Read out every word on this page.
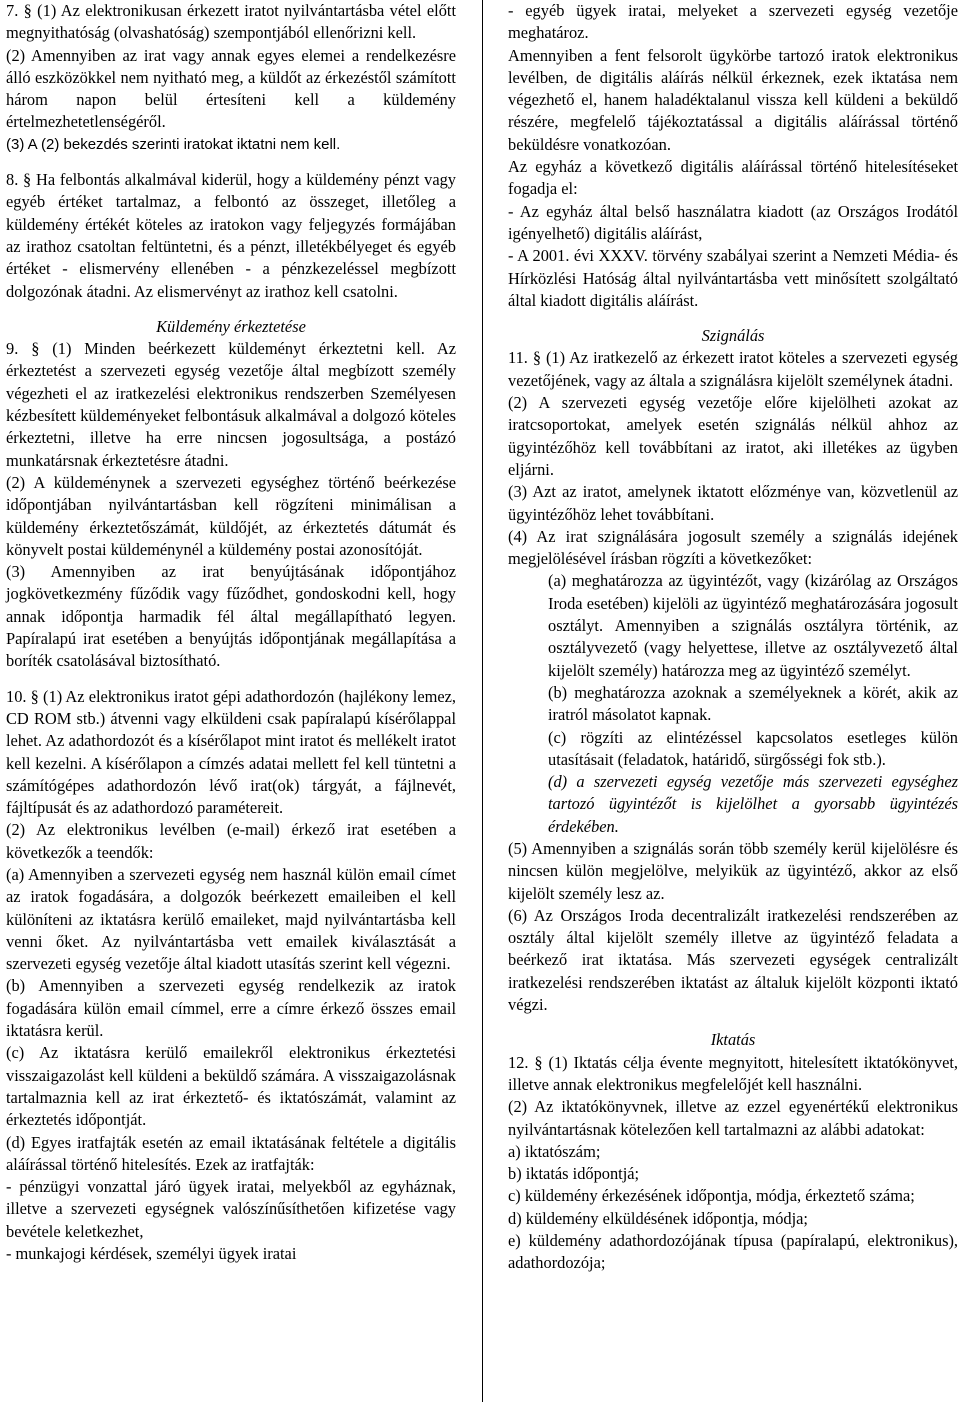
7. § (1) Az elektronikusan érkezett iratot nyilvántartásba vétel előtt megnyithatóság (olvashatóság) szempontjából ellenőrizni kell.

(2) Amennyiben az irat vagy annak egyes elemei a rendelkezésre álló eszközökkel nem nyitható meg, a küldőt az érkezéstől számított három napon belül értesíteni kell a küldemény értelmezhetetlenségéről.

(3) A (2) bekezdés szerinti iratokat iktatni nem kell.

8. § Ha felbontás alkalmával kiderül, hogy a küldemény pénzt vagy egyéb értéket tartalmaz, a felbontó az összeget, illetőleg a küldemény értékét köteles az iratokon vagy feljegyzés formájában az irathoz csatoltan feltüntetni, és a pénzt, illetékbélyeget és egyéb értéket - elismervény ellenében - a pénzkezeléssel megbízott dolgozónak átadni. Az elismervényt az irathoz kell csatolni.

Küldemény érkeztetése

9. § (1) Minden beérkezett küldeményt érkeztetni kell. Az érkeztetést a szervezeti egység vezetője által megbízott személy végezheti el az iratkezelési elektronikus rendszerben Személyesen kézbesített küldeményeket felbontásuk alkalmával a dolgozó köteles érkeztetni, illetve ha erre nincsen jogosultsága, a postázó munkatársnak érkeztetésre átadni.

(2) A küldeménynek a szervezeti egységhez történő beérkezése időpontjában nyilvántartásban kell rögzíteni minimálisan a küldemény érkeztetőszámát, küldőjét, az érkeztetés dátumát és könyvelt postai küldeménynél a küldemény postai azonosítóját.

(3) Amennyiben az irat benyújtásának időpontjához jogkövetkezmény fűződik vagy fűződhet, gondoskodni kell, hogy annak időpontja harmadik fél által megállapítható legyen. Papíralapú irat esetében a benyújtás időpontjának megállapítása a boríték csatolásával biztosítható.

10. § (1) Az elektronikus iratot gépi adathordozón (hajlékony lemez, CD ROM stb.) átvenni vagy elküldeni csak papíralapú kísérőlappal lehet. Az adathordozót és a kísérőlapot mint iratot és mellékelt iratot kell kezelni. A kísérőlapon a címzés adatai mellett fel kell tüntetni a számítógépes adathordozón lévő irat(ok) tárgyát, a fájlnevét, fájltípusát és az adathordozó paramétereit.

(2) Az elektronikus levélben (e-mail) érkező irat esetében a következők a teendők:

(a) Amennyiben a szervezeti egység nem használ külön email címet az iratok fogadására, a dolgozók beérkezett emaileiben el kell különíteni az iktatásra kerülő emaileket, majd nyilvántartásba kell venni őket. Az nyilvántartásba vett emailek kiválasztását a szervezeti egység vezetője által kiadott utasítás szerint kell végezni.

(b) Amennyiben a szervezeti egység rendelkezik az iratok fogadására külön email címmel, erre a címre érkező összes email iktatásra kerül.

(c) Az iktatásra kerülő emailekről elektronikus érkeztetési visszaigazolást kell küldeni a beküldő számára. A visszaigazolásnak tartalmaznia kell az irat érkeztető- és iktatószámát, valamint az érkeztetés időpontját.

(d) Egyes iratfajták esetén az email iktatásának feltétele a digitális aláírással történő hitelesítés. Ezek az iratfajták:

- pénzügyi vonzattal járó ügyek iratai, melyekből az egyháznak, illetve a szervezeti egységnek valószínűsíthetően kifizetése vagy bevétele keletkezhet,

- munkajogi kérdések, személyi ügyek iratai

- egyéb ügyek iratai, melyeket a szervezeti egység vezetője meghatároz.

Amennyiben a fent felsorolt ügykörbe tartozó iratok elektronikus levélben, de digitális aláírás nélkül érkeznek, ezek iktatása nem végezhető el, hanem haladéktalanul vissza kell küldeni a beküldő részére, megfelelő tájékoztatással a digitális aláírással történő beküldésre vonatkozóan.

Az egyház a következő digitális aláírással történő hitelesítéseket fogadja el:

- Az egyház által belső használatra kiadott (az Országos Irodától igényelhető) digitális aláírást,

- A 2001. évi XXXV. törvény szabályai szerint a Nemzeti Média- és Hírközlési Hatóság által nyilvántartásba vett minősített szolgáltató által kiadott digitális aláírást.

Szignálás

11. § (1) Az iratkezelő az érkezett iratot köteles a szervezeti egység vezetőjének, vagy az általa a szignálásra kijelölt személynek átadni.

(2) A szervezeti egység vezetője előre kijelölheti azokat az iratcsoportokat, amelyek esetén szignálás nélkül ahhoz az ügyintézőhöz kell továbbítani az iratot, aki illetékes az ügyben eljárni.

(3) Azt az iratot, amelynek iktatott előzménye van, közvetlenül az ügyintézőhöz lehet továbbítani.

(4) Az irat szignálására jogosult személy a szignálás idejének megjelölésével írásban rögzíti a következőket:

(a) meghatározza az ügyintézőt, vagy (kizárólag az Országos Iroda esetében) kijelöli az ügyintéző meghatározására jogosult osztályt. Amennyiben a szignálás osztályra történik, az osztályvezető (vagy helyettese, illetve az osztályvezető által kijelölt személy) határozza meg az ügyintéző személyt.

(b) meghatározza azoknak a személyeknek a körét, akik az iratról másolatot kapnak.

(c) rögzíti az elintézéssel kapcsolatos esetleges külön utasításait (feladatok, határidő, sürgősségi fok stb.).

(d) a szervezeti egység vezetője más szervezeti egységhez tartozó ügyintézőt is kijelölhet a gyorsabb ügyintézés érdekében.

(5) Amennyiben a szignálás során több személy kerül kijelölésre és nincsen külön megjelölve, melyikük az ügyintéző, akkor az első kijelölt személy lesz az.

(6) Az Országos Iroda decentralizált iratkezelési rendszerében az osztály által kijelölt személy illetve az ügyintéző feladata a beérkező irat iktatása. Más szervezeti egységek centralizált iratkezelési rendszerében iktatást az általuk kijelölt központi iktató végzi.

Iktatás

12. § (1) Iktatás célja évente megnyitott, hitelesített iktatókönyvet, illetve annak elektronikus megfelelőjét kell használni.

(2) Az iktatókönyvnek, illetve az ezzel egyenértékű elektronikus nyilvántartásnak kötelezően kell tartalmazni az alábbi adatokat:

a) iktatószám;

b) iktatás időpontjá;

c) küldemény érkezésének időpontja, módja, érkeztető száma;

d) küldemény elküldésének időpontja, módja;

e) küldemény adathordozójának típusa (papíralapú, elektronikus), adathordozója;
